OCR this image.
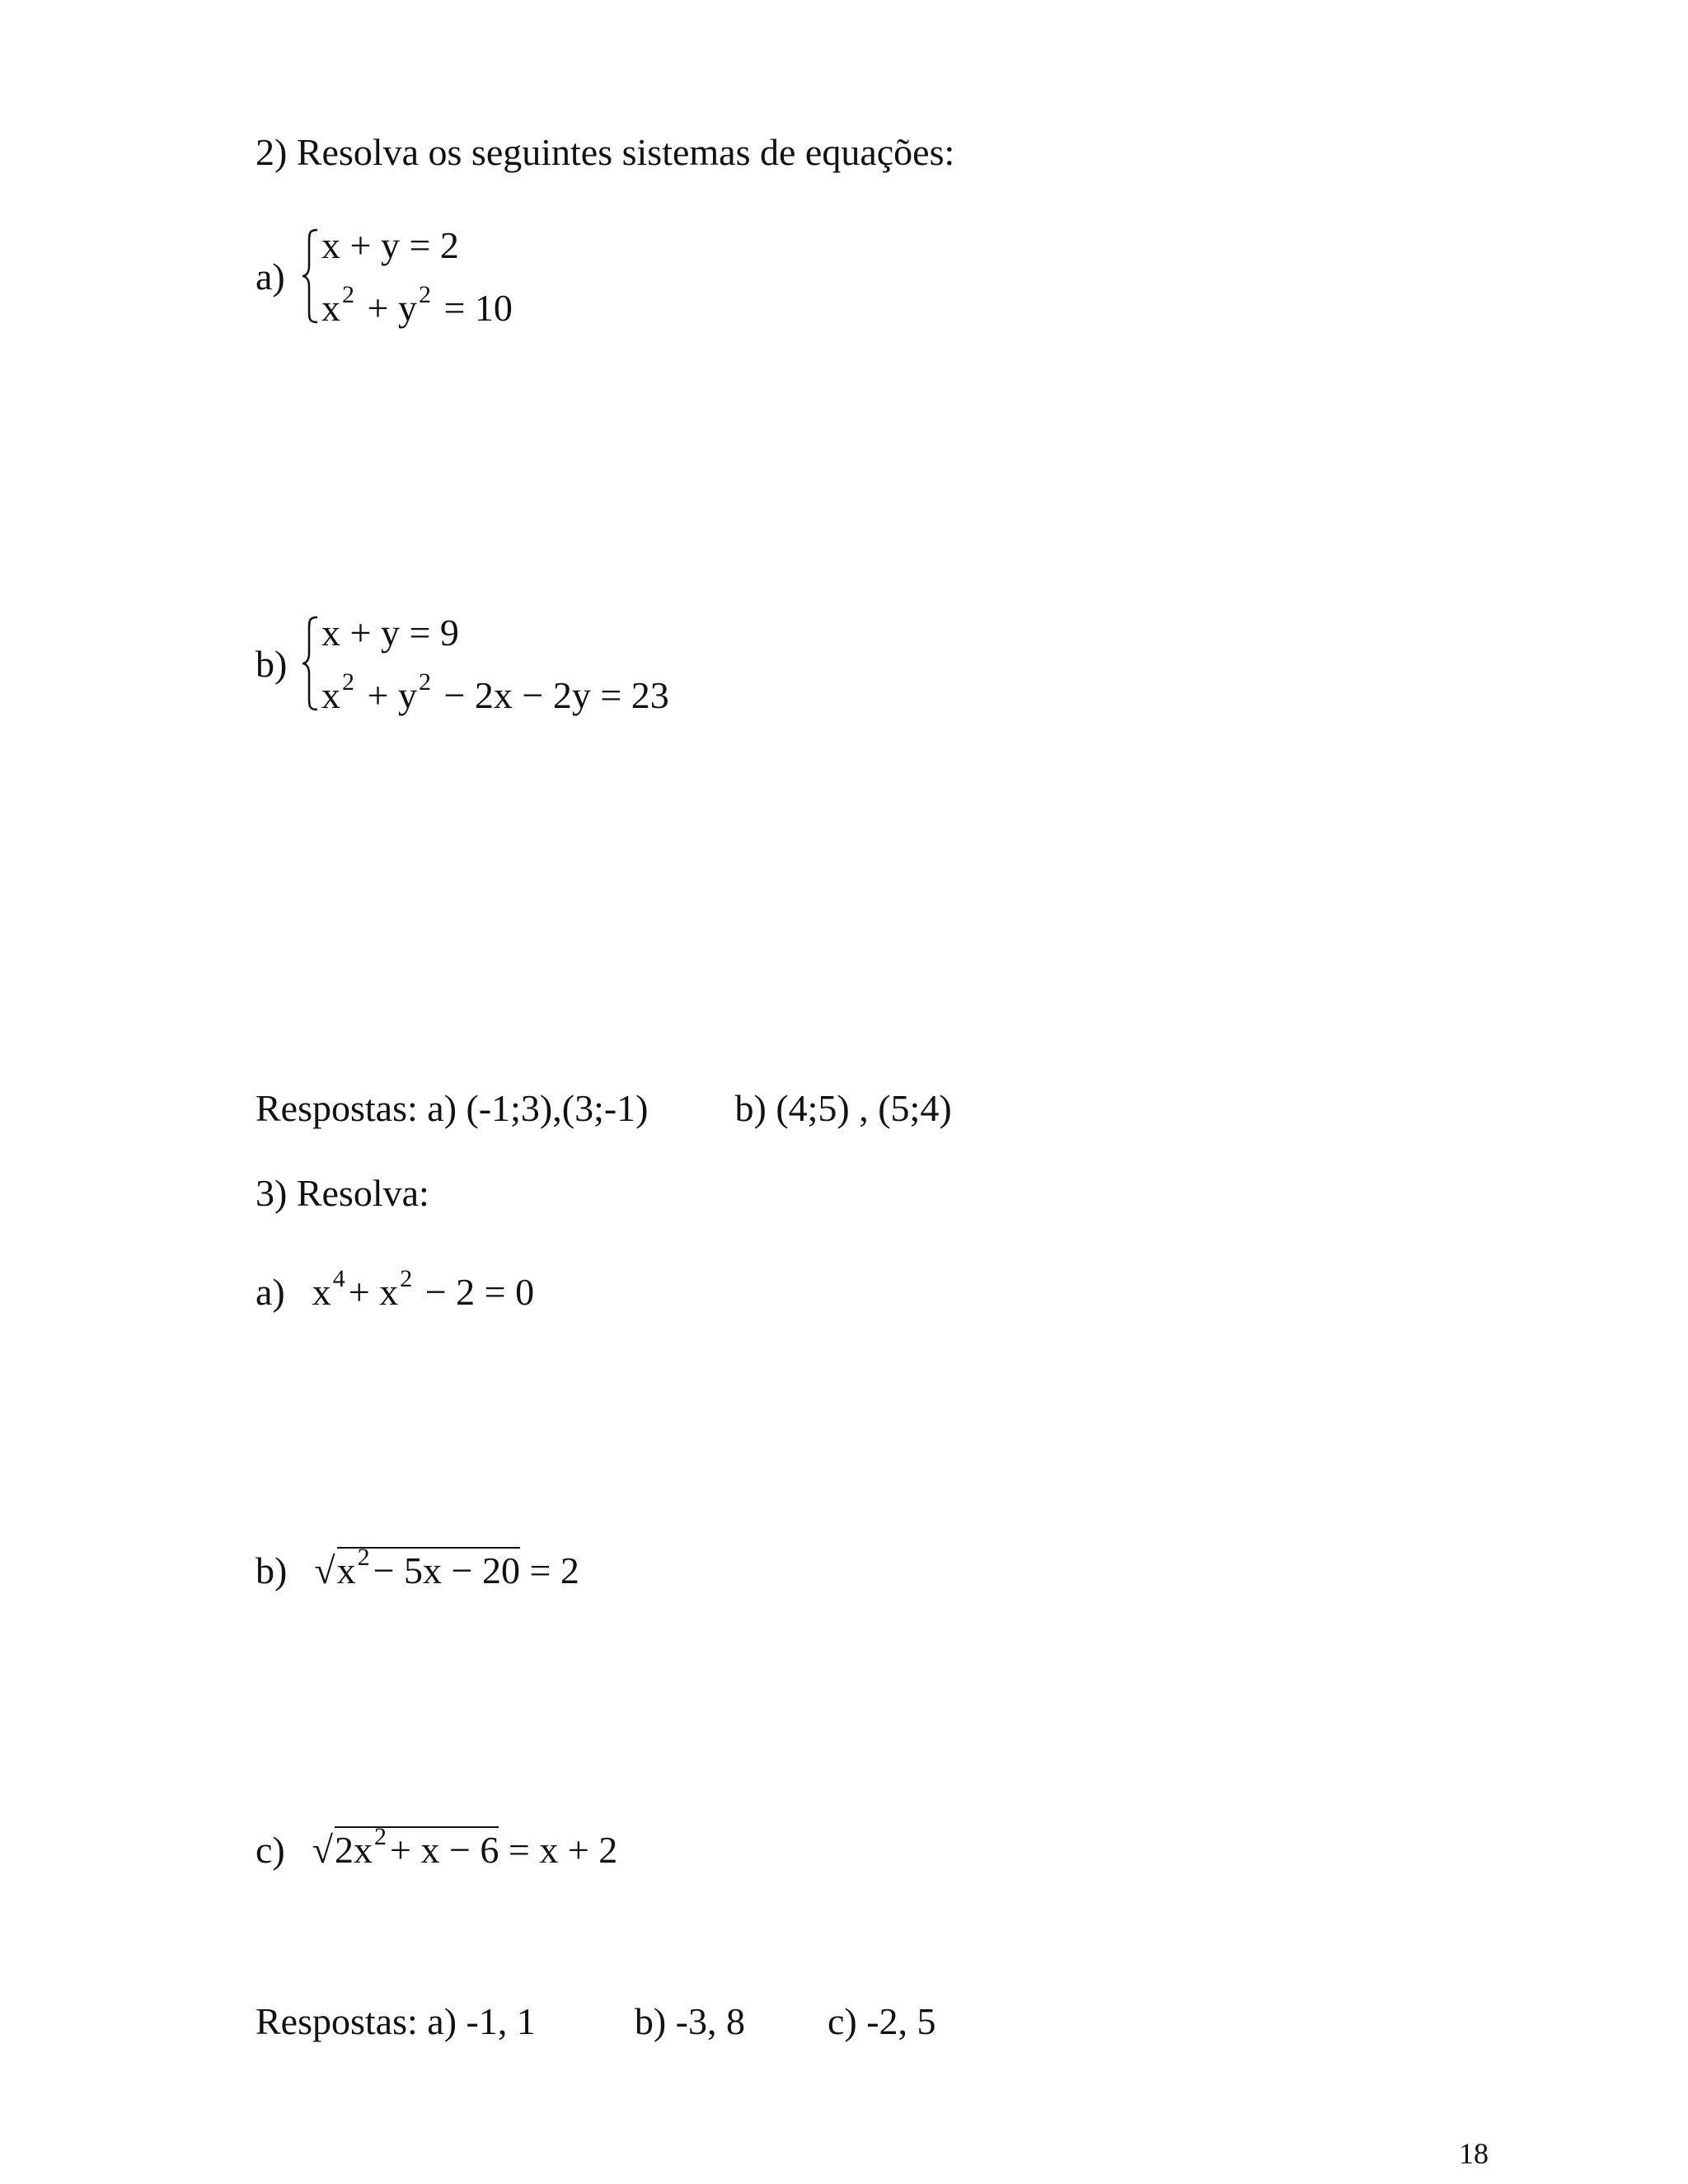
2) Resolva os seguintes sistemas de equações:
a)
x + y = 2
$x^2 + y^2 = 10$
b)
x + y = 9
$x^2 + y^2 - 2x - 2y = 23$
Respostas: a) (-1;3),(3;-1) b) (4;5) , (5;4)
3) Resolva:
a) $x^4+ x^2 - 2 = 0$
b) $√x^2- 5x - 20 = 2$
c) $√2x^2+ x - 6 = x + 2$
Respostas: a) -1, 1	b) -3, 8 c) -2, 5
18
